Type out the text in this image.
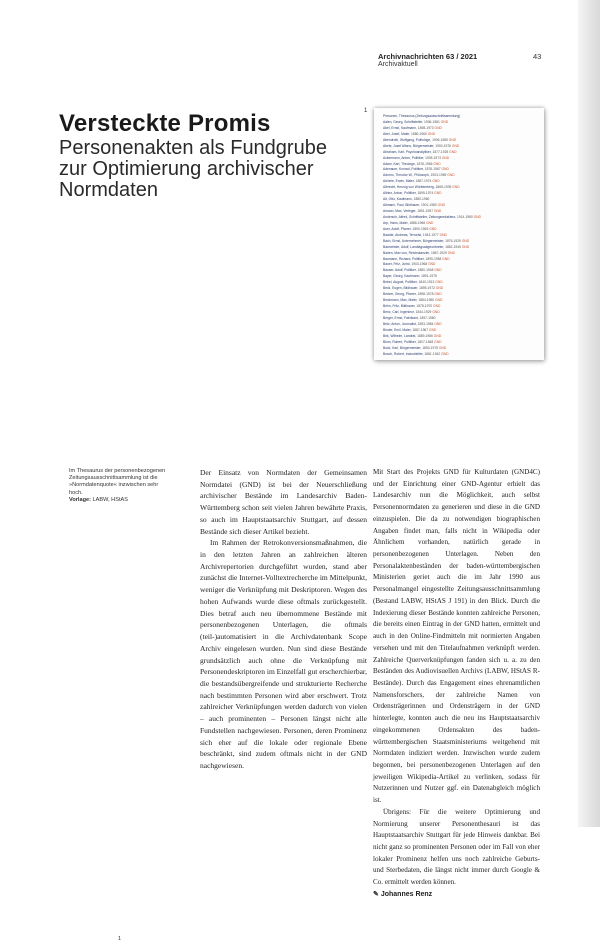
Archivnachrichten 63 / 2021
Archivaktuell
43
Versteckte Promis
Personenakten als Fundgrube zur Optimierung archivischer Normdaten
1
Personen, Thesaurus (Zeitungsausschnittsammlung)
Aalen, Georg, Schriftsteller, 1906-1981 GND
Abel, Ernst, Kaufmann, 1898-1973 GND
Abel, Josef, Maler, 1880-1960 GND
Abendroth, Wolfgang, Politologe, 1906-1985 GND
Abele, Josef Alfons, Bürgermeister, 1900-1976 GND
Abraham, Karl, Psychoanalytiker, 1877-1925 GND
Ackermann, Anton, Politiker, 1905-1973 GND
Adam, Karl, Theologe, 1876-1966 GND
Adenauer, Konrad, Politiker, 1876-1967 GND
Adorno, Theodor W., Philosoph, 1903-1969 GND
Aichele, Erwin, Maler, 1887-1974 GND
Albrecht, Herzog von Württemberg, 1865-1939 GND
Albiez, Anton, Politiker, 1895-1974 GND
Alt, Otto, Kaufmann, 1880-1960
Altmann, Paul, Bildhauer, 1901-1980 GND
Amann, Max, Verleger, 1891-1957 GND
Andersch, Alfred, Schriftsteller, Zeitungsredakteur, 1914-1980 GND
Arp, Hans, Maler, 1886-1966 GND
Auer, Adolf, Pfarrer, 1890-1963 GND
Baader, Andreas, Terrorist, 1943-1977 GND
Bach, Ernst, Unternehmer, Bürgermeister, 1876-1929 GND
Bacmeister, Adolf, Landtagsabgeordneter, 1882-1945 GND
Baden, Max von, Reichskanzler, 1867-1929 GND
Baumann, Richard, Politiker, 1895-1958 GND
Bauer, Fritz, Jurist, 1903-1968 GND
Bauser, Adolf, Politiker, 1880-1948 GND
Bayer, Georg, Kaufmann, 1891-1975
Bebel, August, Politiker, 1840-1913 GND
Beck, Eugen, Bildhauer, 1895-1972 GND
Becker, Georg, Pfarrer, 1898-1978 GND
Beckmann, Max, Maler, 1884-1950 GND
Behn, Fritz, Bildhauer, 1878-1970 GND
Benz, Carl, Ingenieur, 1844-1929 GND
Berger, Ernst, Fabrikant, 1897-1980
Betz, Anton, Journalist, 1893-1984 GND
Binder, Emil, Maler, 1887-1967 GND
Birk, Wilhelm, Landrat, 1889-1966 GND
Blum, Robert, Politiker, 1807-1848 GND
Bock, Karl, Bürgermeister, 1890-1975 GND
Bosch, Robert, Industrieller, 1861-1942 GND
1
Im Thesaurus der personenbezogenen Zeitungsausschnittsammlung ist die »Normdatenquote« inzwischen sehr hoch.
Vorlage: LABW, HStAS

Der Einsatz von Normdaten der Gemeinsamen Normdatei (GND) ist bei der Neuerschließung archivischer Bestände im Landesarchiv Baden-Württemberg schon seit vielen Jahren bewährte Praxis, so auch im Hauptstaatsarchiv Stuttgart, auf dessen Bestände sich dieser Artikel bezieht.

Im Rahmen der Retrokonversionsmaßnahmen, die in den letzten Jahren an zahlreichen älteren Archivrepertorien durchgeführt wurden, stand aber zunächst die Internet-Volltextrecherche im Mittelpunkt, weniger die Verknüpfung mit Deskriptoren. Wegen des hohen Aufwands wurde diese oftmals zurückgestellt. Dies betraf auch neu übernommene Bestände mit personenbezogenen Unterlagen, die oftmals (teil-)automatisiert in die Archivdatenbank Scope Archiv eingelesen wurden. Nun sind diese Bestände grundsätzlich auch ohne die Verknüpfung mit Personendeskriptoren im Einzelfall gut erscherchierbar, die bestandsübergreifende und strukturierte Recherche nach bestimmten Personen wird aber erschwert. Trotz zahlreicher Verknüpfungen werden dadurch von vielen – auch prominenten – Personen längst nicht alle Fundstellen nachgewiesen. Personen, deren Prominenz sich eher auf die lokale oder regionale Ebene beschränkt, sind zudem oftmals nicht in der GND nachgewiesen.

Mit Start des Projekts GND für Kulturdaten (GND4C) und der Einrichtung einer GND-Agentur erhielt das Landesarchiv nun die Möglichkeit, auch selbst Personennormdaten zu generieren und diese in die GND einzuspielen. Die da zu notwendigen biographischen Angaben findet man, falls nicht in Wikipedia oder Ähnlichem vorhanden, natürlich gerade in personenbezogenen Unterlagen. Neben den Personalaktenbeständen der baden-württembergischen Ministerien geriet auch die im Jahr 1990 aus Personalmangel eingestellte Zeitungsausschnittsammlung (Bestand LABW, HStAS J 191) in den Blick. Durch die Indexierung dieser Bestände konnten zahlreiche Personen, die bereits einen Eintrag in der GND hatten, ermittelt und auch in den Online-Findmitteln mit normierten Angaben versehen und mit den Titelaufnahmen verknüpft werden. Zahlreiche Querverknüpfungen fanden sich u. a. zu den Beständen des Audiovisuellen Archivs (LABW, HStAS R-Bestände). Durch das Engagement eines ehrenamtlichen Namensforschers, der zahlreiche Namen von Ordensträgerinnen und Ordensträgern in der GND hinterlegte, konnten auch die neu ins Hauptstaatsarchiv eingekommenen Ordensakten des baden-württembergischen Staatsministeriums weitgehend mit Normdaten indiziert werden. Inzwischen wurde zudem begonnen, bei personenbezogenen Unterlagen auf den jeweiligen Wikipedia-Artikel zu verlinken, sodass für Nutzerinnen und Nutzer ggf. ein Datenabgleich möglich ist.

Übrigens: Für die weitere Optimierung und Normierung unserer Personenthesauri ist das Hauptstaatsarchiv Stuttgart für jede Hinweis dankbar. Bei nicht ganz so prominenten Personen oder im Fall von eher lokaler Prominenz helfen uns noch zahlreiche Geburts- und Sterbedaten, die längst nicht immer durch Google & Co. ermittelt werden können.

✎ Johannes Renz
